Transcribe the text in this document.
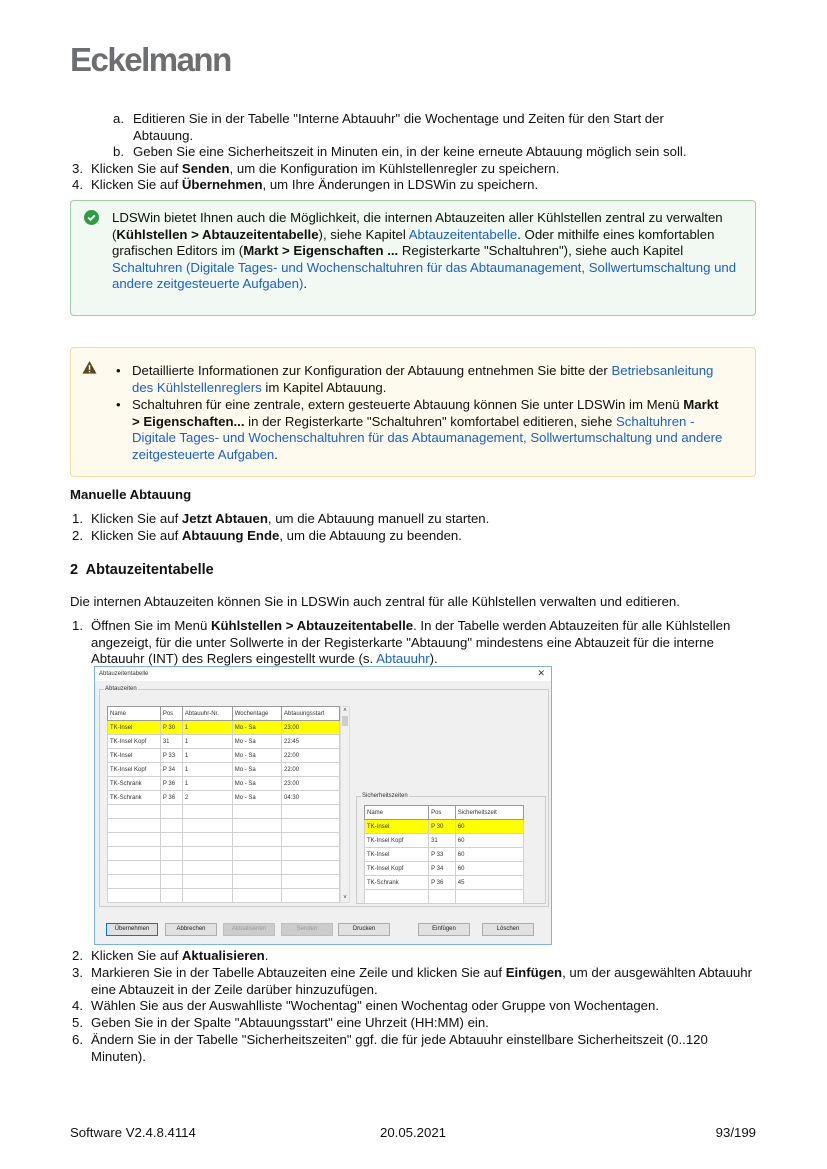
Eckelmann
a. Editieren Sie in der Tabelle "Interne Abtauuhr" die Wochentage und Zeiten für den Start der Abtauung.
b. Geben Sie eine Sicherheitszeit in Minuten ein, in der keine erneute Abtauung möglich sein soll.
3. Klicken Sie auf Senden, um die Konfiguration im Kühlstellenregler zu speichern.
4. Klicken Sie auf Übernehmen, um Ihre Änderungen in LDSWin zu speichern.
LDSWin bietet Ihnen auch die Möglichkeit, die internen Abtauzeiten aller Kühlstellen zentral zu verwalten (Kühlstellen > Abtauzeitentabelle), siehe Kapitel Abtauzeitentabelle. Oder mithilfe eines komfortablen grafischen Editors im (Markt > Eigenschaften ... Registerkarte "Schaltuhren"), siehe auch Kapitel Schaltuhren (Digitale Tages- und Wochenschaltuhren für das Abtaumanagement, Sollwertumschaltung und andere zeitgesteuerte Aufgaben).
• Detaillierte Informationen zur Konfiguration der Abtauung entnehmen Sie bitte der Betriebsanleitung des Kühlstellenreglers im Kapitel Abtauung.
• Schaltuhren für eine zentrale, extern gesteuerte Abtauung können Sie unter LDSWin im Menü Markt > Eigenschaften... in der Registerkarte "Schaltuhren" komfortabel editieren, siehe Schaltuhren - Digitale Tages- und Wochenschaltuhren für das Abtaumanagement, Sollwertumschaltung und andere zeitgesteuerte Aufgaben.
Manuelle Abtauung
1. Klicken Sie auf Jetzt Abtauen, um die Abtauung manuell zu starten.
2. Klicken Sie auf Abtauung Ende, um die Abtauung zu beenden.
2 Abtauzeitentabelle
Die internen Abtauzeiten können Sie in LDSWin auch zentral für alle Kühlstellen verwalten und editieren.
1. Öffnen Sie im Menü Kühlstellen > Abtauzeitentabelle. In der Tabelle werden Abtauzeiten für alle Kühlstellen angezeigt, für die unter Sollwerte in der Registerkarte "Abtauung" mindestens eine Abtauzeit für die interne Abtauuhr (INT) des Reglers eingestellt wurde (s. Abtauuhr).
Abtauzeitentabelle	✕
Abtauzeiten
Name	Pos	Abtauuhr-Nr.	Wochentage	Abtauungsstart
TK-Insel	P 30	1	Mo - Sa	23:00
TK-Insel Kopf	31	1	Mo - Sa	22:45
TK-Insel	P 33	1	Mo - Sa	22:00
TK-Insel Kopf	P 34	1	Mo - Sa	22:00
TK-Schrank	P 36	1	Mo - Sa	23:00
TK-Schrank	P 36	2	Mo - Sa	04:30

˄
˅
Sicherheitszeiten
Name	Pos	Sicherheitszeit
TK-Insel	P 30	60
TK-Insel Kopf	31	60
TK-Insel	P 33	60
TK-Insel Kopf	P 34	60
TK-Schrank	P 36	45

Übernehmen	Abbrechen	Aktualisieren	Senden	Drucken	Einfügen	Löschen
2. Klicken Sie auf Aktualisieren.
3. Markieren Sie in der Tabelle Abtauzeiten eine Zeile und klicken Sie auf Einfügen, um der ausgewählten Abtauuhr eine Abtauzeit in der Zeile darüber hinzuzufügen.
4. Wählen Sie aus der Auswahlliste "Wochentag" einen Wochentag oder Gruppe von Wochentagen.
5. Geben Sie in der Spalte "Abtauungsstart" eine Uhrzeit (HH:MM) ein.
6. Ändern Sie in der Tabelle "Sicherheitszeiten" ggf. die für jede Abtauuhr einstellbare Sicherheitszeit (0..120 Minuten).
Software V2.4.8.4114	20.05.2021	93/199
